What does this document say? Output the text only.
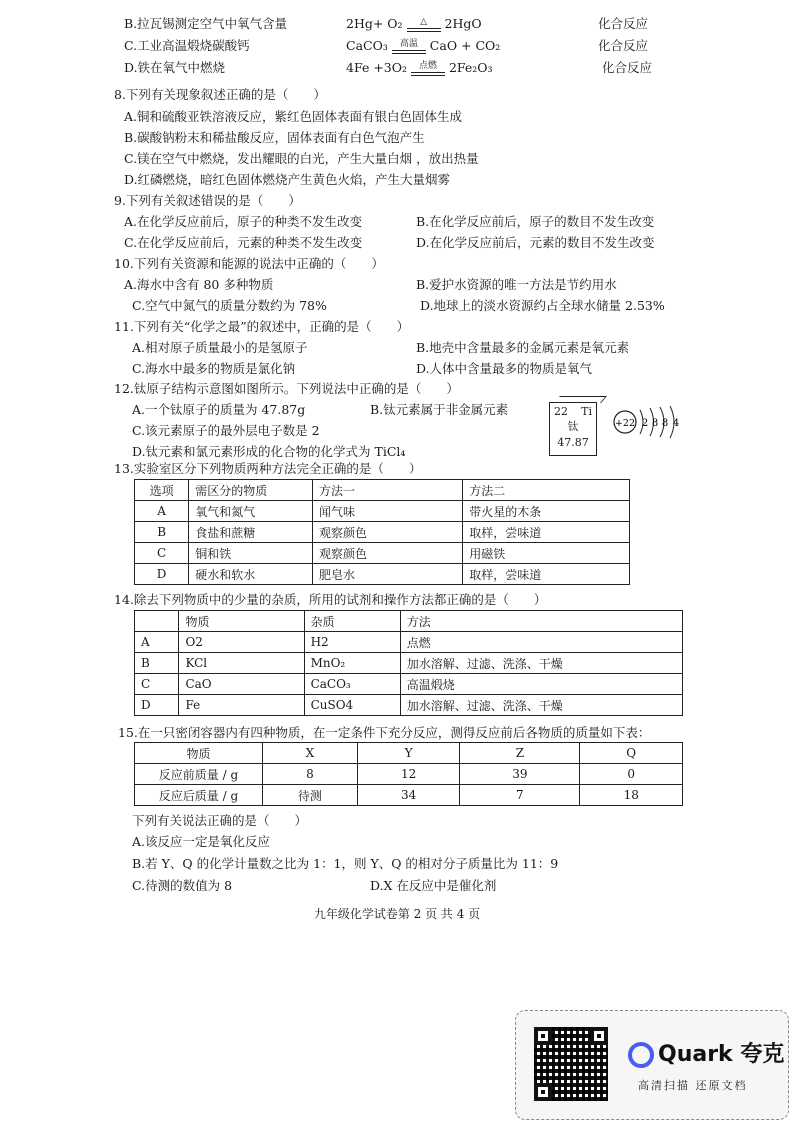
B.拉瓦锡测定空气中氧气含量	2Hg+ O₂	△	2HgO	化合反应
C.工业高温煅烧碳酸钙	CaCO₃ 高温 CaO + CO₂	化合反应
D.铁在氧气中燃烧	4Fe +3O₂ 点燃 2Fe₂O₃	化合反应
8.下列有关现象叙述正确的是（　　）
A.铜和硫酸亚铁溶液反应，紫红色固体表面有银白色固体生成
B.碳酸钠粉末和稀盐酸反应，固体表面有白色气泡产生
C.镁在空气中燃烧，发出耀眼的白光，产生大量白烟 ，放出热量
D.红磷燃烧，暗红色固体燃烧产生黄色火焰，产生大量烟雾
9.下列有关叙述错误的是（　　）
A.在化学反应前后，原子的种类不发生改变	B.在化学反应前后，原子的数目不发生改变
C.在化学反应前后，元素的种类不发生改变	D.在化学反应前后，元素的数目不发生改变
10.下列有关资源和能源的说法中正确的（　　）
A.海水中含有 80 多种物质	B.爱护水资源的唯一方法是节约用水
C.空气中氮气的质量分数约为 78%	D.地球上的淡水资源约占全球水储量 2.53%
11.下列有关“化学之最”的叙述中，正确的是（　　）
A.相对原子质量最小的是氢原子	B.地壳中含量最多的金属元素是氧元素
C.海水中最多的物质是氯化钠	D.人体中含量最多的物质是氧气
12.钛原子结构示意图如图所示。下列说法中正确的是（　　）
A.一个钛原子的质量为 47.87g	B.钛元素属于非金属元素
C.该元素原子的最外层电子数是 2
D.钛元素和氯元素形成的化合物的化学式为 TiCl₄
22 Ti
钛
47.87
+22 2 8 8 4
13.实验室区分下列物质两种方法完全正确的是（　　）
选项	需区分的物质	方法一	方法二
A	氧气和氮气	闻气味	带火星的木条
B	食盐和蔗糖	观察颜色	取样，尝味道
C	铜和铁	观察颜色	用磁铁
D	硬水和软水	肥皂水	取样，尝味道
14.除去下列物质中的少量的杂质，所用的试剂和操作方法都正确的是（　　）
	物质	杂质	方法
A	O2	H2	点燃
B	KCl	MnO₂	加水溶解、过滤、洗涤、干燥
C	CaO	CaCO₃	高温煅烧
D	Fe	CuSO4	加水溶解、过滤、洗涤、干燥
15.在一只密闭容器内有四种物质，在一定条件下充分反应，测得反应前后各物质的质量如下表：
物质	X	Y	Z	Q
反应前质量 / g	8	12	39	0
反应后质量 / g	待测	34	7	18
下列有关说法正确的是（　　）
A.该反应一定是氧化反应
B.若 Y、Q 的化学计量数之比为 1：1，则 Y、Q 的相对分子质量比为 11：9
C.待测的数值为 8	D.X 在反应中是催化剂
九年级化学试卷第 2 页 共 4 页
Quark 夸克
高清扫描 还原文档
